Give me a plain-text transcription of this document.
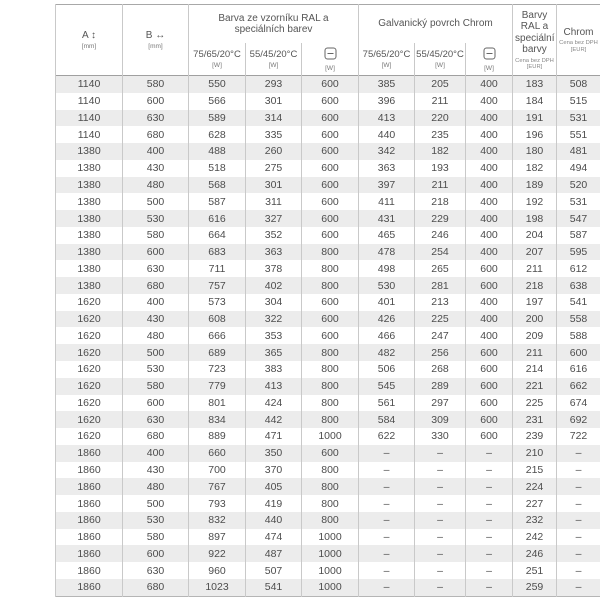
A ↕
[mm]

B ↔
[mm]

Barva ze vzorníku RAL a speciálních barev

Galvanický povrch Chrom

Barvy RAL a speciální barvy
Cena bez DPH [EUR]

Chrom
Cena bez DPH [EUR]

75/65/20°C
[W]

55/45/20°C
[W]	[W]

75/65/20°C
[W]

55/45/20°C
[W]	[W]

1140	580	550	293	600	385	205	400	183	508
1140	600	566	301	600	396	211	400	184	515
1140	630	589	314	600	413	220	400	191	531
1140	680	628	335	600	440	235	400	196	551
1380	400	488	260	600	342	182	400	180	481
1380	430	518	275	600	363	193	400	182	494
1380	480	568	301	600	397	211	400	189	520
1380	500	587	311	600	411	218	400	192	531
1380	530	616	327	600	431	229	400	198	547
1380	580	664	352	600	465	246	400	204	587
1380	600	683	363	800	478	254	400	207	595
1380	630	711	378	800	498	265	600	211	612
1380	680	757	402	800	530	281	600	218	638
1620	400	573	304	600	401	213	400	197	541
1620	430	608	322	600	426	225	400	200	558
1620	480	666	353	600	466	247	400	209	588
1620	500	689	365	800	482	256	600	211	600
1620	530	723	383	800	506	268	600	214	616
1620	580	779	413	800	545	289	600	221	662
1620	600	801	424	800	561	297	600	225	674
1620	630	834	442	800	584	309	600	231	692
1620	680	889	471	1000	622	330	600	239	722
1860	400	660	350	600	–	–	–	210	–
1860	430	700	370	800	–	–	–	215	–
1860	480	767	405	800	–	–	–	224	–
1860	500	793	419	800	–	–	–	227	–
1860	530	832	440	800	–	–	–	232	–
1860	580	897	474	1000	–	–	–	242	–
1860	600	922	487	1000	–	–	–	246	–
1860	630	960	507	1000	–	–	–	251	–
1860	680	1023	541	1000	–	–	–	259	–
